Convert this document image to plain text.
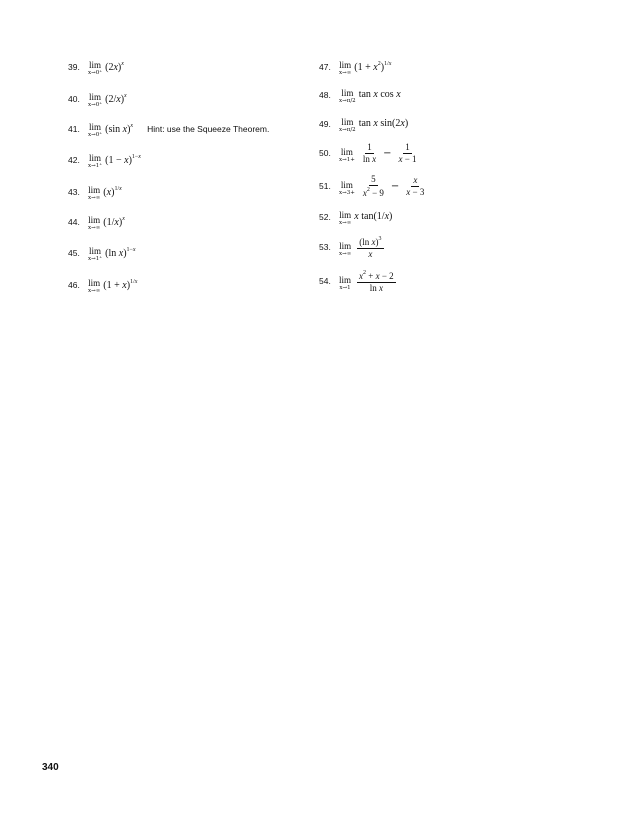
39.	lim
x→0⁺
$(2x)^x$
40.	lim
x→0⁺
$(2/x)^x$
41.	lim
x→0⁺
(sin x)$^x$ Hint: use the Squeeze Theorem.
42.	lim
x→1⁺
$(1 - x)^{1-x}$
43. lim
x→∞
$(x)^{1/x}$
44. lim
x→∞
$(1/x)^x$
45.	lim
x→1⁺
(ln x)$^{1-x}$
46. lim
x→∞
$(1 + x)^{1/x}$
47. lim
x→∞
$(1 + x^2)^{1/x}$
48.	lim
x→π/2
tan x cos x
49.	lim
x→π/2
tan x sin(2x)
50.	lim
$x\to 1+ \frac{1}{\text{ln x}} - \frac{1}{x - 1}$
51.	lim
$x\to 3+ \frac{5}{x^2 - 9} - \frac{x}{x - 3}$
52. lim
x→∞
x tan(1/x)
53. lim
$x\to\infty \frac{(\ln x)^3}{x}$
54. lim
$x\to 1 \frac{x^2 + x - 2}{\text{ln x}}$
340
